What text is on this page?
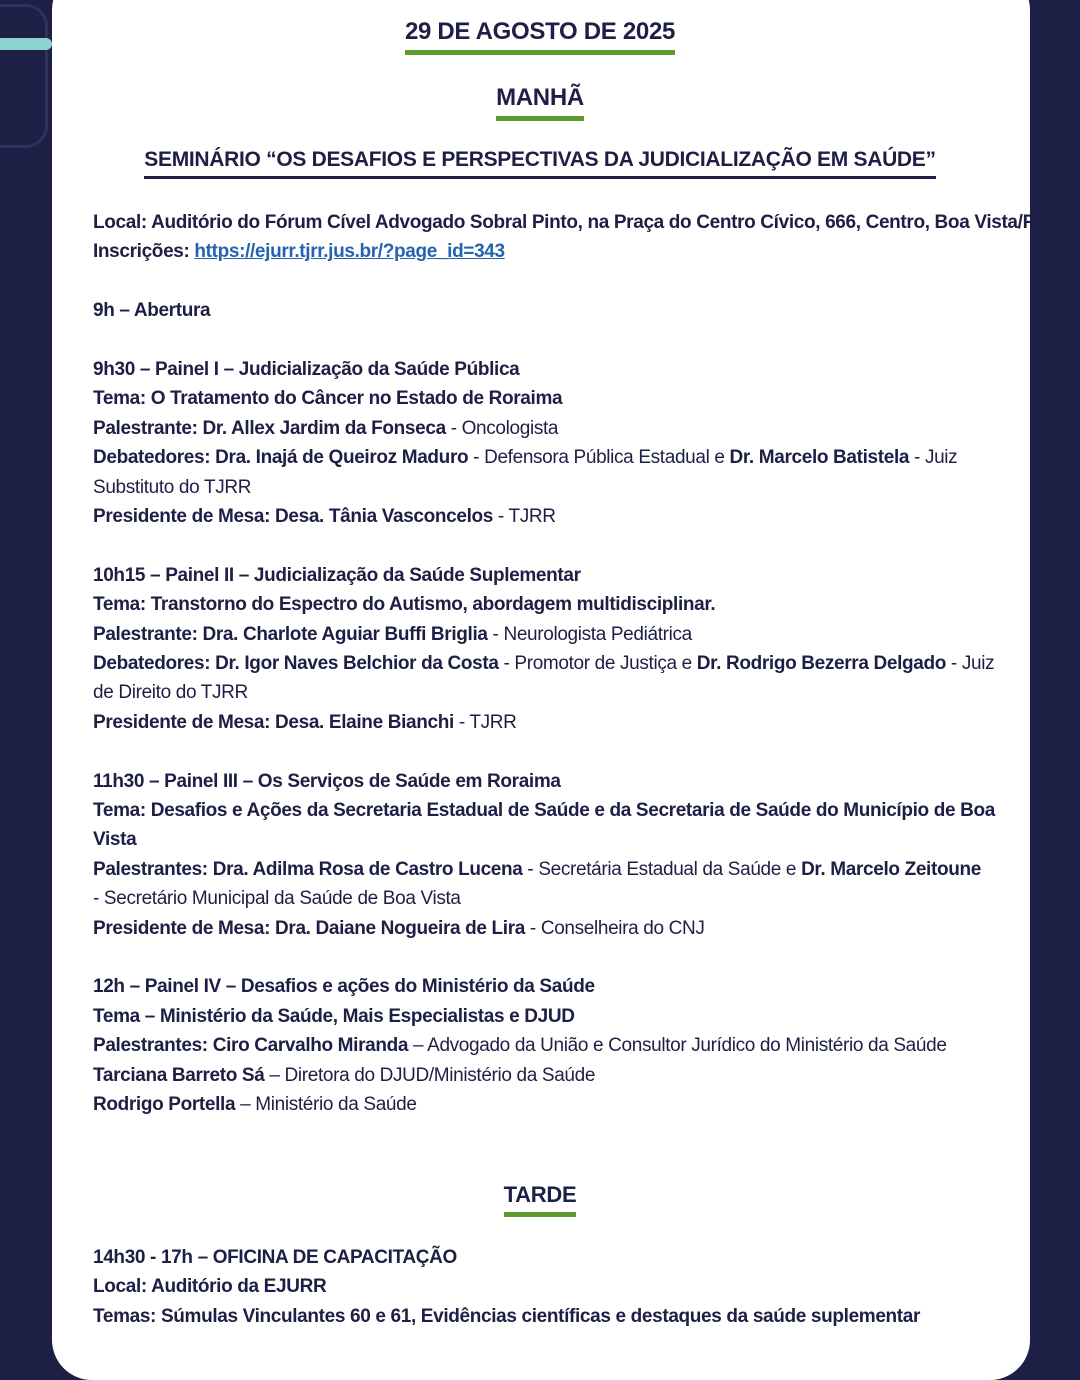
29 DE AGOSTO DE 2025
MANHÃ
SEMINÁRIO “OS DESAFIOS E PERSPECTIVAS DA JUDICIALIZAÇÃO EM SAÚDE”
Local: Auditório do Fórum Cível Advogado Sobral Pinto, na Praça do Centro Cívico, 666, Centro, Boa Vista/RR.
Inscrições: https://ejurr.tjrr.jus.br/?page_id=343
9h – Abertura
9h30 – Painel I – Judicialização da Saúde Pública
Tema: O Tratamento do Câncer no Estado de Roraima
Palestrante: Dr. Allex Jardim da Fonseca - Oncologista
Debatedores: Dra. Inajá de Queiroz Maduro - Defensora Pública Estadual e Dr. Marcelo Batistela - Juiz
Substituto do TJRR
Presidente de Mesa: Desa. Tânia Vasconcelos - TJRR
10h15 – Painel II – Judicialização da Saúde Suplementar
Tema: Transtorno do Espectro do Autismo, abordagem multidisciplinar.
Palestrante: Dra. Charlote Aguiar Buffi Briglia - Neurologista Pediátrica
Debatedores: Dr. Igor Naves Belchior da Costa - Promotor de Justiça e Dr. Rodrigo Bezerra Delgado - Juiz
de Direito do TJRR
Presidente de Mesa: Desa. Elaine Bianchi - TJRR
11h30 – Painel III – Os Serviços de Saúde em Roraima
Tema: Desafios e Ações da Secretaria Estadual de Saúde e da Secretaria de Saúde do Município de Boa
Vista
Palestrantes: Dra. Adilma Rosa de Castro Lucena - Secretária Estadual da Saúde e Dr. Marcelo Zeitoune
- Secretário Municipal da Saúde de Boa Vista
Presidente de Mesa: Dra. Daiane Nogueira de Lira - Conselheira do CNJ
12h – Painel IV – Desafios e ações do Ministério da Saúde
Tema – Ministério da Saúde, Mais Especialistas e DJUD
Palestrantes: Ciro Carvalho Miranda – Advogado da União e Consultor Jurídico do Ministério da Saúde
Tarciana Barreto Sá – Diretora do DJUD/Ministério da Saúde
Rodrigo Portella – Ministério da Saúde
TARDE
14h30 - 17h – OFICINA DE CAPACITAÇÃO
Local: Auditório da EJURR
Temas: Súmulas Vinculantes 60 e 61, Evidências científicas e destaques da saúde suplementar
